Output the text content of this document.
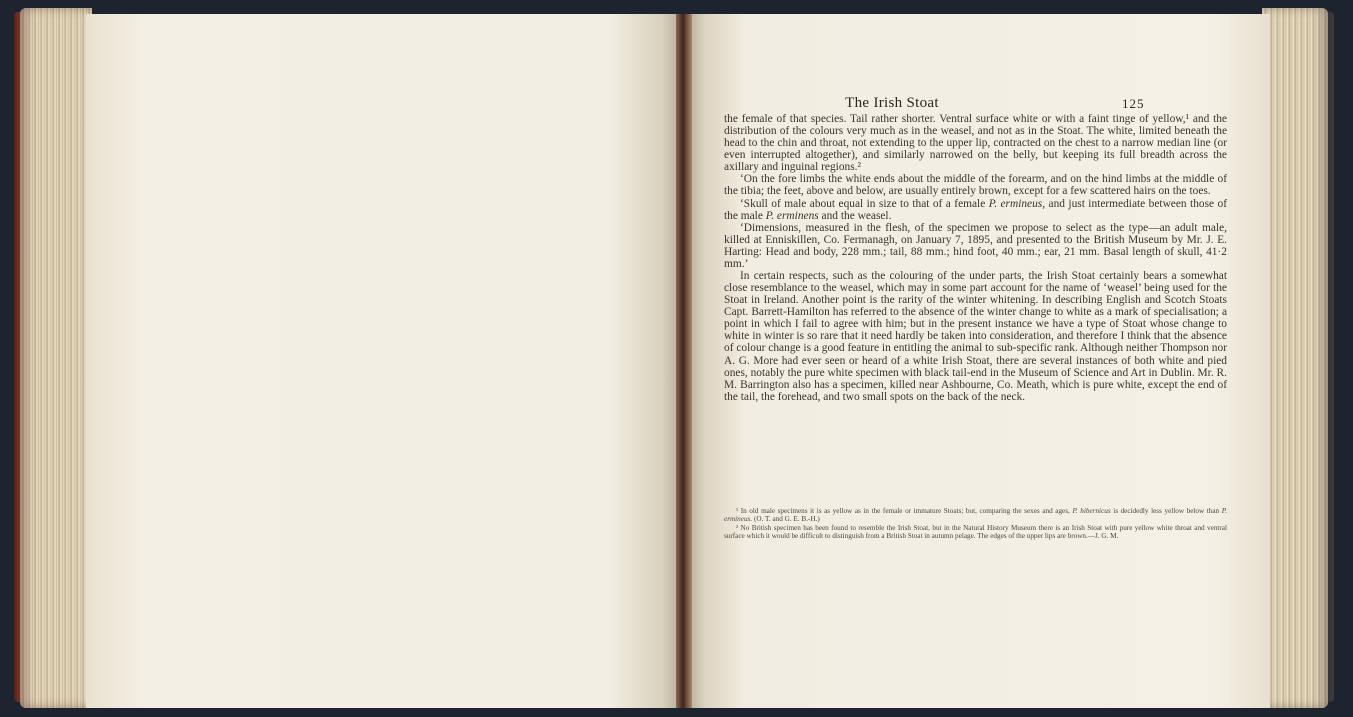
The Irish Stoat	125

the female of that species. Tail rather shorter. Ventral surface white or with a faint tinge of yellow,¹ and the distribution of the colours very much as in the weasel, and not as in the Stoat. The white, limited beneath the head to the chin and throat, not extending to the upper lip, contracted on the chest to a narrow median line (or even interrupted altogether), and similarly narrowed on the belly, but keeping its full breadth across the axillary and inguinal regions.²

‘On the fore limbs the white ends about the middle of the forearm, and on the hind limbs at the middle of the tibia; the feet, above and below, are usually entirely brown, except for a few scattered hairs on the toes.

‘Skull of male about equal in size to that of a female P. ermineus, and just intermediate between those of the male P. erminens and the weasel.

‘Dimensions, measured in the flesh, of the specimen we propose to select as the type—an adult male, killed at Enniskillen, Co. Fermanagh, on January 7, 1895, and presented to the British Museum by Mr. J. E. Harting: Head and body, 228 mm.; tail, 88 mm.; hind foot, 40 mm.; ear, 21 mm. Basal length of skull, 41·2 mm.’

In certain respects, such as the colouring of the under parts, the Irish Stoat certainly bears a somewhat close resemblance to the weasel, which may in some part account for the name of ‘weasel’ being used for the Stoat in Ireland. Another point is the rarity of the winter whitening. In describing English and Scotch Stoats Capt. Barrett-Hamilton has referred to the absence of the winter change to white as a mark of specialisation; a point in which I fail to agree with him; but in the present instance we have a type of Stoat whose change to white in winter is so rare that it need hardly be taken into consideration, and therefore I think that the absence of colour change is a good feature in entitling the animal to sub-specific rank. Although neither Thompson nor A. G. More had ever seen or heard of a white Irish Stoat, there are several instances of both white and pied ones, notably the pure white specimen with black tail-end in the Museum of Science and Art in Dublin. Mr. R. M. Barrington also has a specimen, killed near Ashbourne, Co. Meath, which is pure white, except the end of the tail, the forehead, and two small spots on the back of the neck.

¹ In old male specimens it is as yellow as in the female or immature Stoats; but, comparing the sexes and ages, P. hibernicus is decidedly less yellow below than P. ermineus. (O. T. and G. E. B.-H.)

² No British specimen has been found to resemble the Irish Stoat, but in the Natural History Museum there is an Irish Stoat with pure yellow white throat and ventral surface which it would be difficult to distinguish from a British Stoat in autumn pelage. The edges of the upper lips are brown.—J. G. M.
